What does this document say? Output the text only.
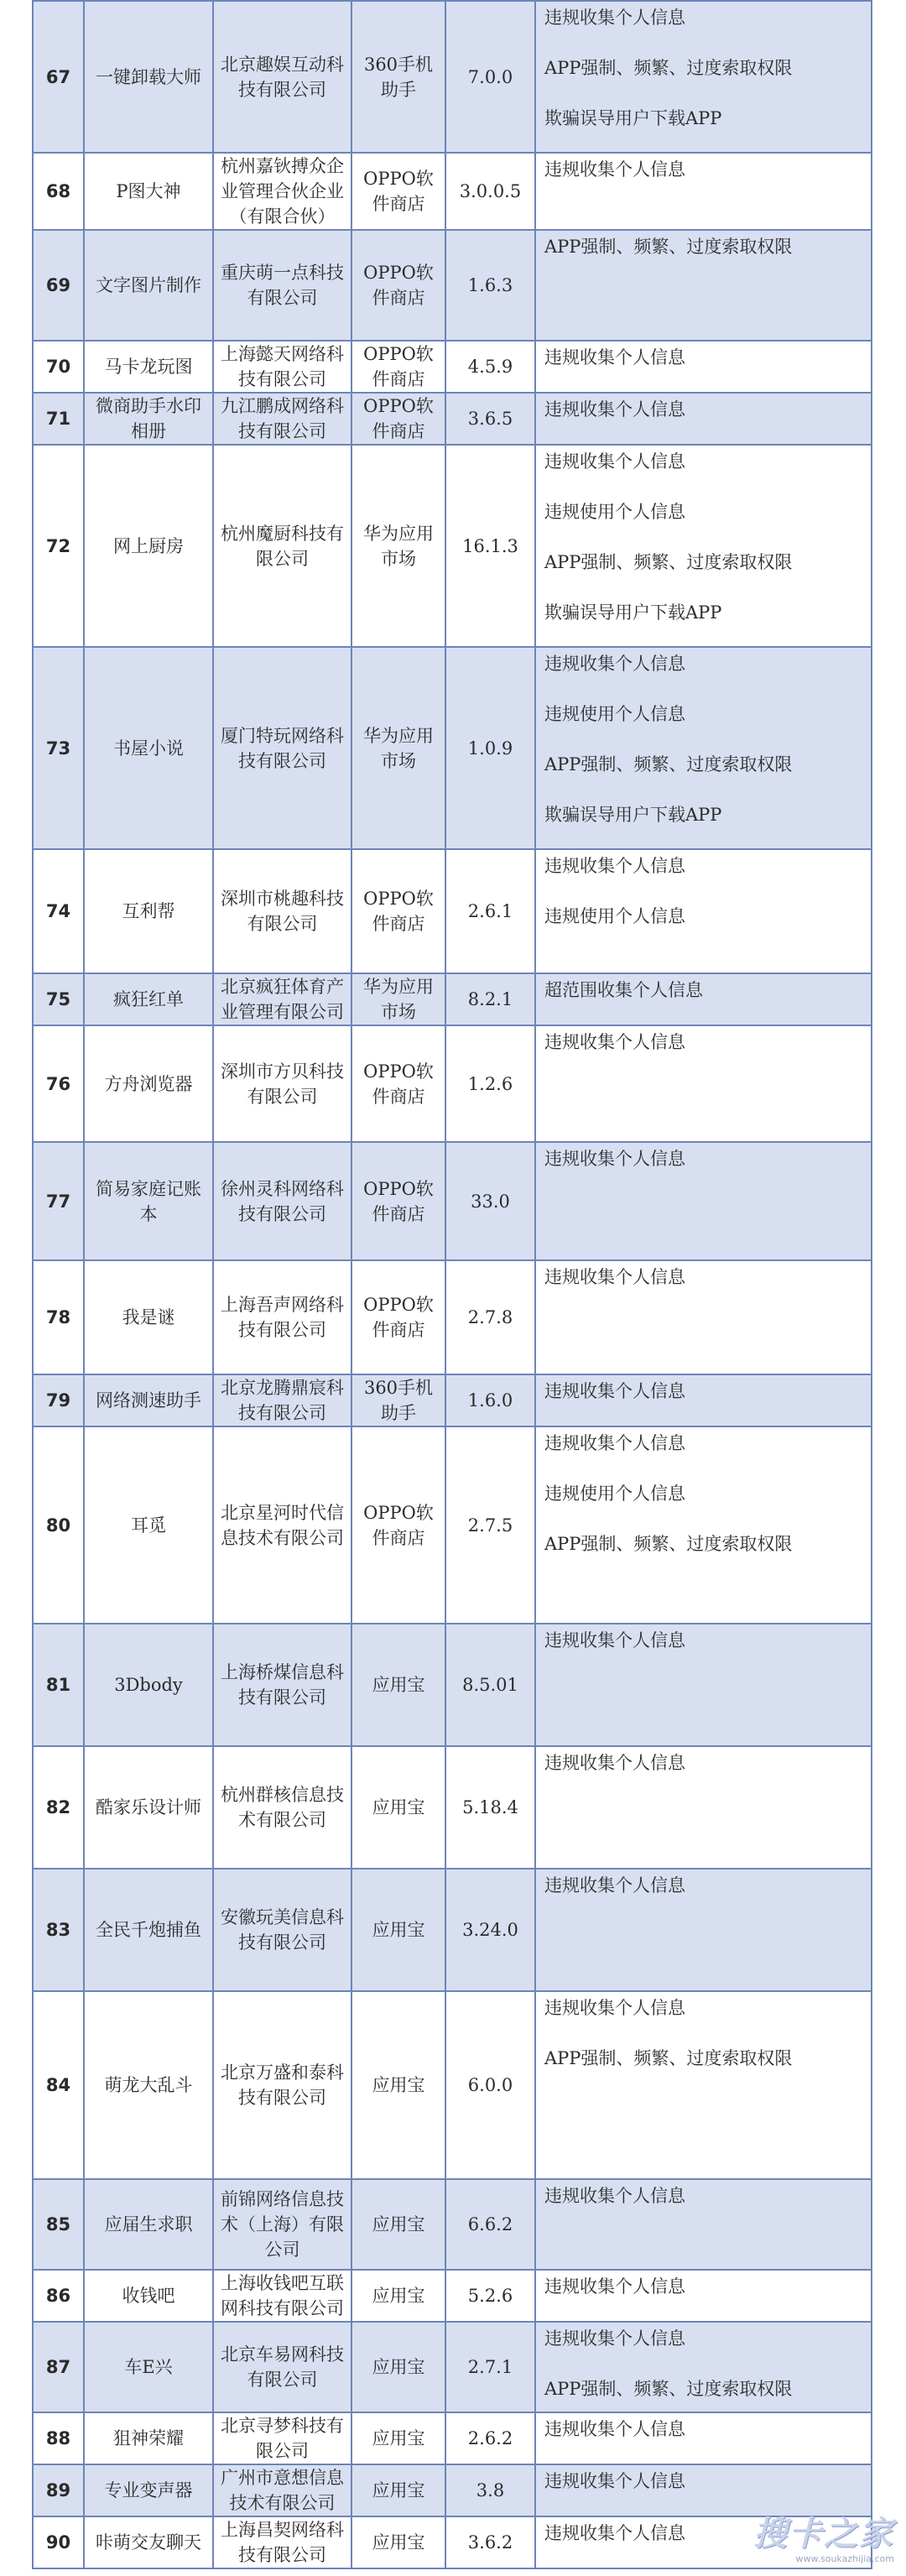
67	一键卸载大师	北京趣娱互动科技有限公司	360手机助手	7.0.0	违规收集个人信息
APP强制、频繁、过度索取权限
欺骗误导用户下载APP

68	P图大神	杭州嘉钬搏众企业管理合伙企业（有限合伙）	OPPO软件商店	3.0.0.5	违规收集个人信息

69	文字图片制作	重庆萌一点科技有限公司	OPPO软件商店	1.6.3	APP强制、频繁、过度索取权限

70	马卡龙玩图	上海懿天网络科技有限公司	OPPO软件商店	4.5.9	违规收集个人信息

71	微商助手水印相册	九江鹏成网络科技有限公司	OPPO软件商店	3.6.5	违规收集个人信息

72	网上厨房	杭州魔厨科技有限公司	华为应用市场	16.1.3	违规收集个人信息
违规使用个人信息
APP强制、频繁、过度索取权限
欺骗误导用户下载APP

73	书屋小说	厦门特玩网络科技有限公司	华为应用市场	1.0.9	违规收集个人信息
违规使用个人信息
APP强制、频繁、过度索取权限
欺骗误导用户下载APP

74	互利帮	深圳市桃趣科技有限公司	OPPO软件商店	2.6.1	违规收集个人信息
违规使用个人信息

75	疯狂红单	北京疯狂体育产业管理有限公司	华为应用市场	8.2.1	超范围收集个人信息

76	方舟浏览器	深圳市方贝科技有限公司	OPPO软件商店	1.2.6	违规收集个人信息

77	简易家庭记账本	徐州灵科网络科技有限公司	OPPO软件商店	33.0	违规收集个人信息

78	我是谜	上海吾声网络科技有限公司	OPPO软件商店	2.7.8	违规收集个人信息

79	网络测速助手	北京龙腾鼎宸科技有限公司	360手机助手	1.6.0	违规收集个人信息

80	耳觅	北京星河时代信息技术有限公司	OPPO软件商店	2.7.5	违规收集个人信息
违规使用个人信息
APP强制、频繁、过度索取权限

81	3Dbody	上海桥煤信息科技有限公司	应用宝	8.5.01	违规收集个人信息

82	酷家乐设计师	杭州群核信息技术有限公司	应用宝	5.18.4	违规收集个人信息

83	全民千炮捕鱼	安徽玩美信息科技有限公司	应用宝	3.24.0	违规收集个人信息

84	萌龙大乱斗	北京万盛和泰科技有限公司	应用宝	6.0.0	违规收集个人信息
APP强制、频繁、过度索取权限

85	应届生求职	前锦网络信息技术（上海）有限公司	应用宝	6.6.2	违规收集个人信息

86	收钱吧	上海收钱吧互联网科技有限公司	应用宝	5.2.6	违规收集个人信息

87	车E兴	北京车易网科技有限公司	应用宝	2.7.1	违规收集个人信息
APP强制、频繁、过度索取权限

88	狙神荣耀	北京寻梦科技有限公司	应用宝	2.6.2	违规收集个人信息

89	专业变声器	广州市意想信息技术有限公司	应用宝	3.8	违规收集个人信息

90	咔萌交友聊天	上海昌契网络科技有限公司	应用宝	3.6.2	违规收集个人信息	搜卡之家
www.soukazhijia.com
